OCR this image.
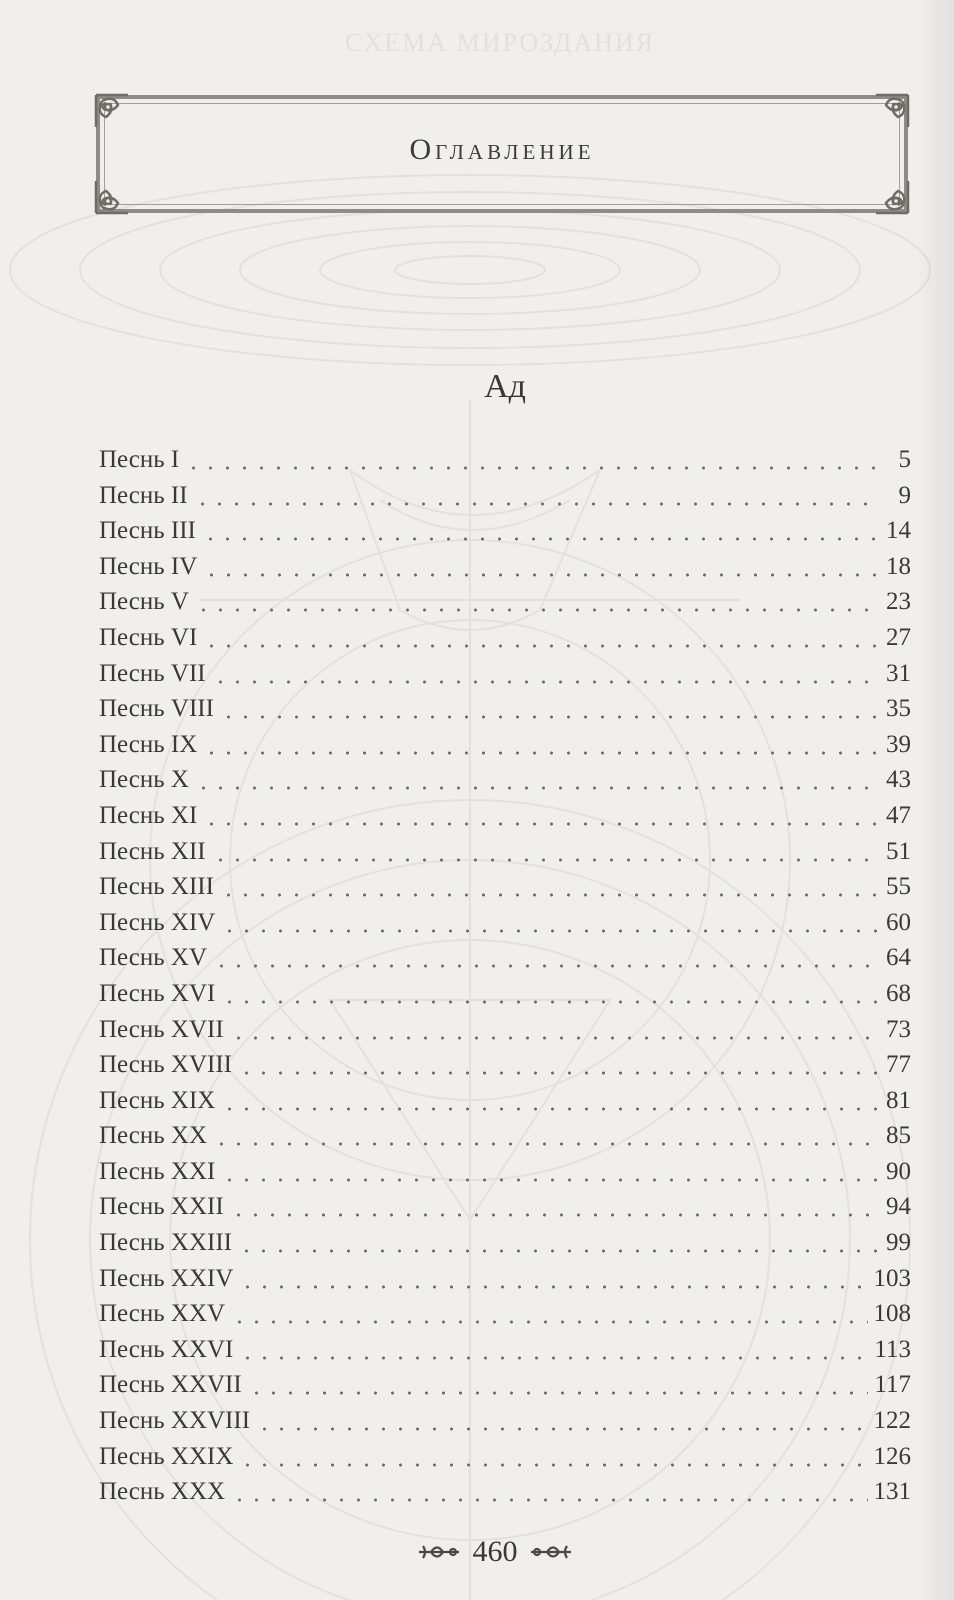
СХЕМА МИРОЗДАНИЯ
Оглавление
Ад
Песнь I	5
Песнь II	9
Песнь III	14
Песнь IV	18
Песнь V	23
Песнь VI	27
Песнь VII	31
Песнь VIII	35
Песнь IX	39
Песнь X	43
Песнь XI	47
Песнь XII	51
Песнь XIII	55
Песнь XIV	60
Песнь XV	64
Песнь XVI	68
Песнь XVII	73
Песнь XVIII	77
Песнь XIX	81
Песнь XX	85
Песнь XXI	90
Песнь XXII	94
Песнь XXIII	99
Песнь XXIV	103
Песнь XXV	108
Песнь XXVI	113
Песнь XXVII	117
Песнь XXVIII	122
Песнь XXIX	126
Песнь XXX	131
460
